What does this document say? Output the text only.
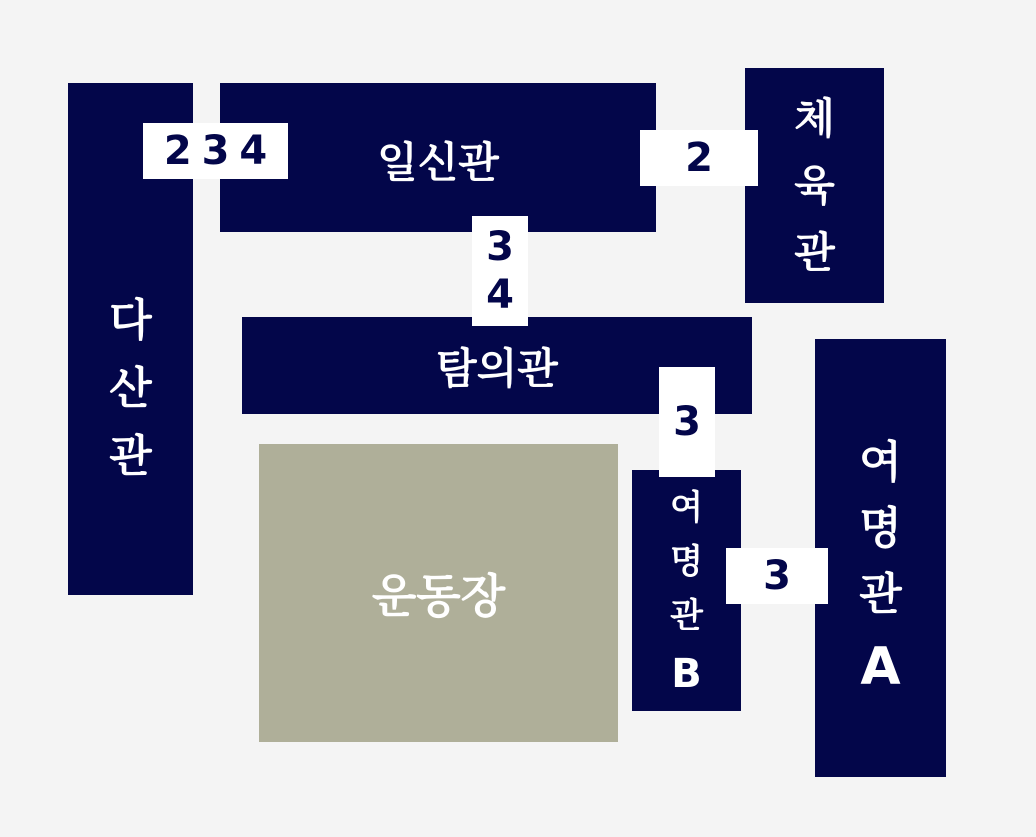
다
산
관
일신관
체
육
관
탐의관
여
명
관
B
여
명
관
A
운동장
2 3 4	2
3
4
3
3
